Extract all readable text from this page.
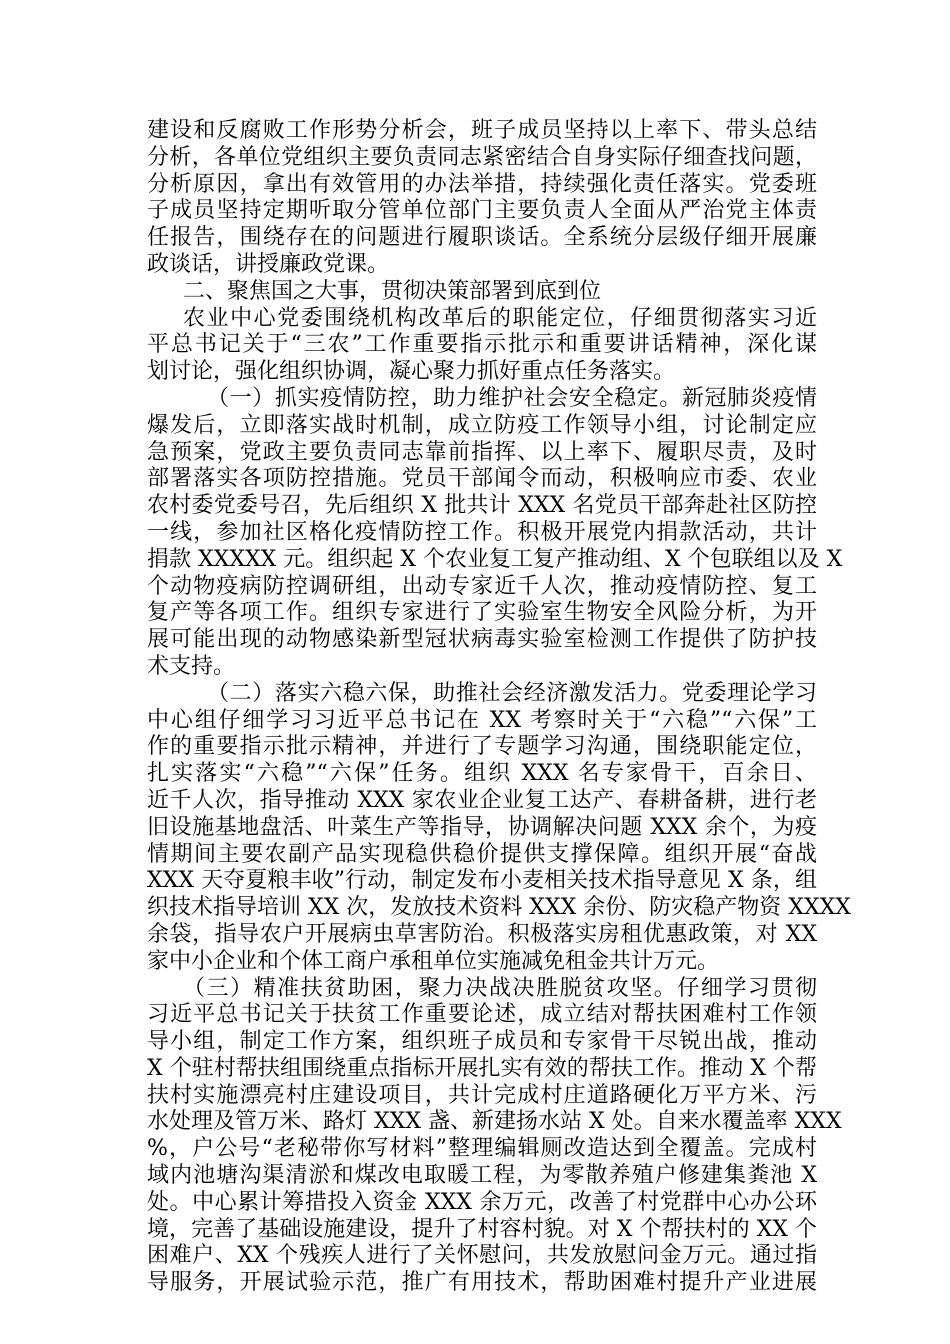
建设和反腐败工作形势分析会，班子成员坚持以上率下、带头总结
分析，各单位党组织主要负责同志紧密结合自身实际仔细查找问题，
分析原因，拿出有效管用的办法举措，持续强化责任落实。党委班
子成员坚持定期听取分管单位部门主要负责人全面从严治党主体责
任报告，围绕存在的问题进行履职谈话。全系统分层级仔细开展廉
政谈话，讲授廉政党课。
二、聚焦国之大事，贯彻决策部署到底到位
农业中心党委围绕机构改革后的职能定位，仔细贯彻落实习近
平总书记关于“三农”工作重要指示批示和重要讲话精神，深化谋
划讨论，强化组织协调，凝心聚力抓好重点任务落实。
（一）抓实疫情防控，助力维护社会安全稳定。新冠肺炎疫情
爆发后，立即落实战时机制，成立防疫工作领导小组，讨论制定应
急预案，党政主要负责同志靠前指挥、以上率下、履职尽责，及时
部署落实各项防控措施。党员干部闻令而动，积极响应市委、农业
农村委党委号召，先后组织 X 批共计 XXX 名党员干部奔赴社区防控
一线，参加社区格化疫情防控工作。积极开展党内捐款活动，共计
捐款 XXXXX 元。组织起 X 个农业复工复产推动组、X 个包联组以及 X
个动物疫病防控调研组，出动专家近千人次，推动疫情防控、复工
复产等各项工作。组织专家进行了实验室生物安全风险分析，为开
展可能出现的动物感染新型冠状病毒实验室检测工作提供了防护技
术支持。
（二）落实六稳六保，助推社会经济激发活力。党委理论学习
中心组仔细学习习近平总书记在 XX 考察时关于“六稳”“六保”工
作的重要指示批示精神，并进行了专题学习沟通，围绕职能定位，
扎实落实“六稳”“六保”任务。组织 XXX 名专家骨干，百余日、
近千人次，指导推动 XXX 家农业企业复工达产、春耕备耕，进行老
旧设施基地盘活、叶菜生产等指导，协调解决问题 XXX 余个，为疫
情期间主要农副产品实现稳供稳价提供支撑保障。组织开展“奋战
XXX 天夺夏粮丰收”行动，制定发布小麦相关技术指导意见 X 条，组
织技术指导培训 XX 次，发放技术资料 XXX 余份、防灾稳产物资 XXXX
余袋，指导农户开展病虫草害防治。积极落实房租优惠政策，对 XX
家中小企业和个体工商户承租单位实施减免租金共计万元。
（三）精准扶贫助困，聚力决战决胜脱贫攻坚。仔细学习贯彻
习近平总书记关于扶贫工作重要论述，成立结对帮扶困难村工作领
导小组，制定工作方案，组织班子成员和专家骨干尽锐出战，推动
X 个驻村帮扶组围绕重点指标开展扎实有效的帮扶工作。推动 X 个帮
扶村实施漂亮村庄建设项目，共计完成村庄道路硬化万平方米、污
水处理及管万米、路灯 XXX 盏、新建扬水站 X 处。自来水覆盖率 XXX
%，户公号“老秘带你写材料”整理编辑厕改造达到全覆盖。完成村
域内池塘沟渠清淤和煤改电取暖工程，为零散养殖户修建集粪池 X
处。中心累计筹措投入资金 XXX 余万元，改善了村党群中心办公环
境，完善了基础设施建设，提升了村容村貌。对 X 个帮扶村的 XX 个
困难户、XX 个残疾人进行了关怀慰问，共发放慰问金万元。通过指
导服务，开展试验示范，推广有用技术，帮助困难村提升产业进展
